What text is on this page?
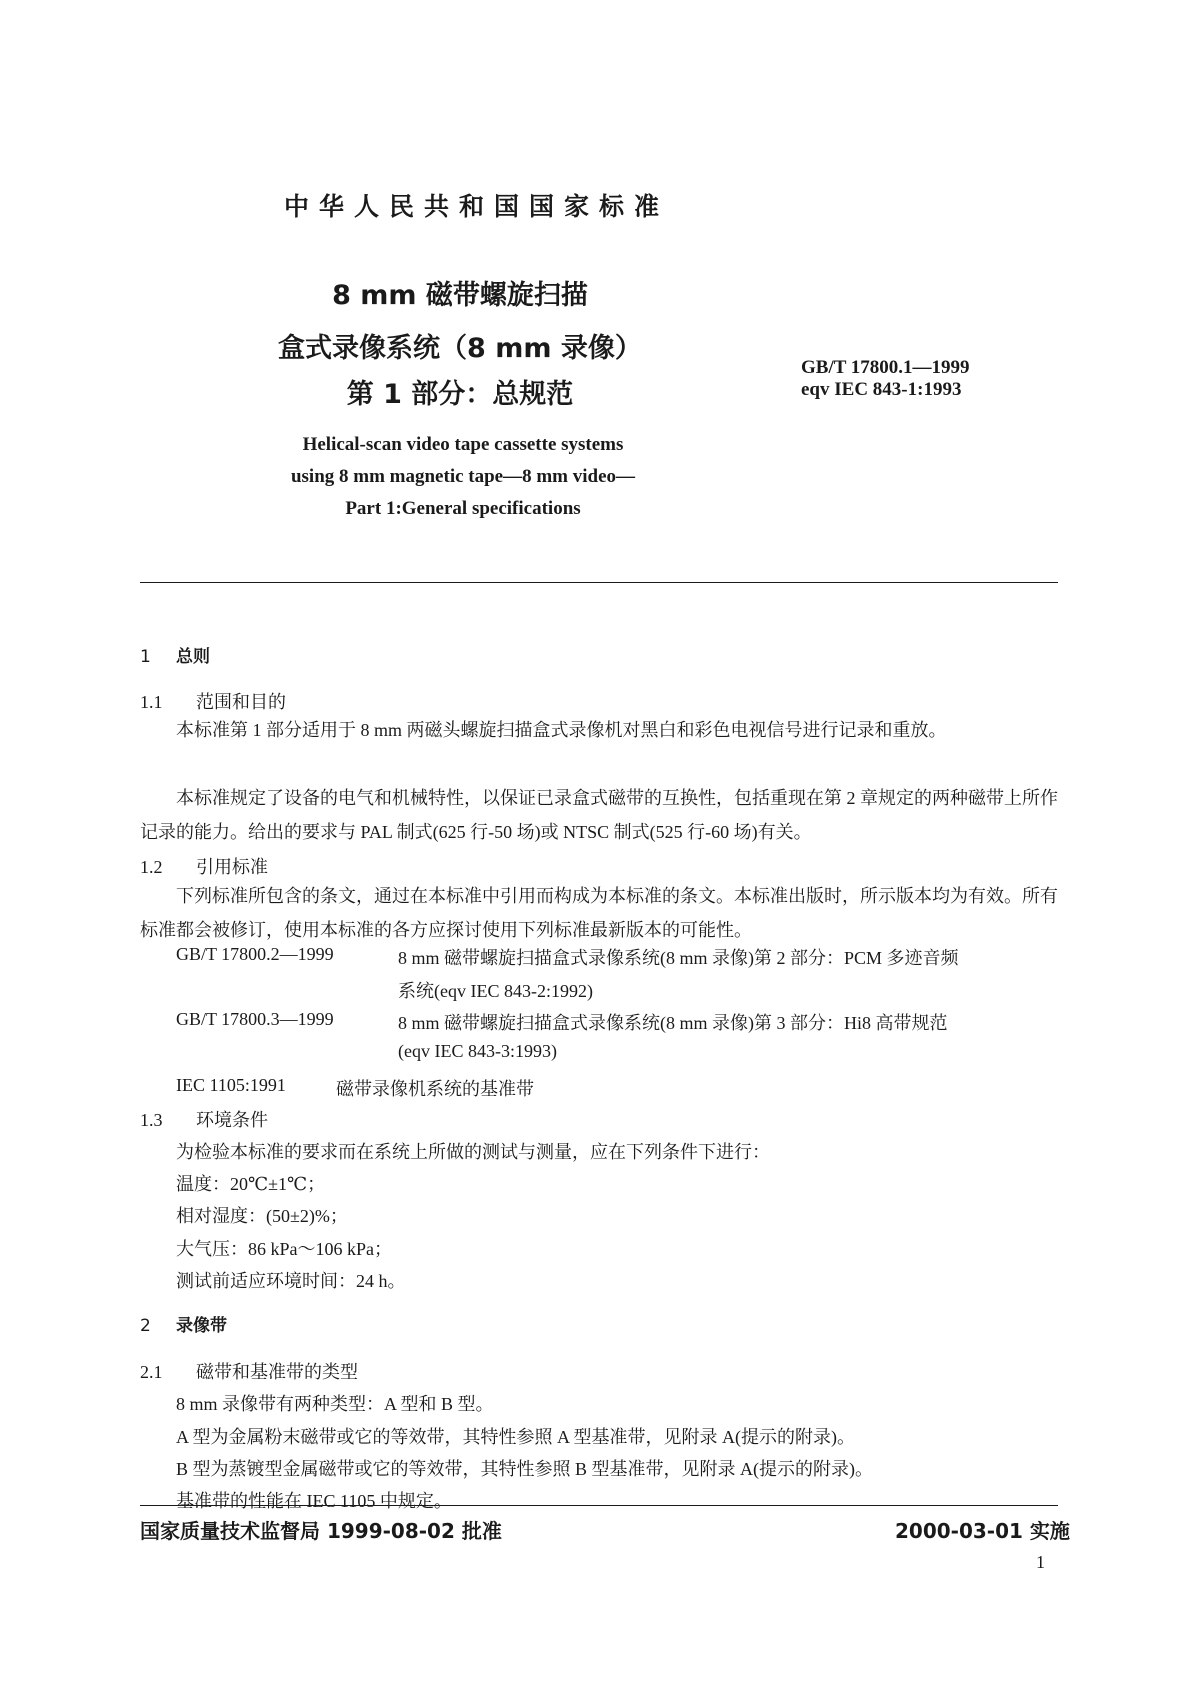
中华人民共和国国家标准
8 mm 磁带螺旋扫描
盒式录像系统（8 mm 录像）
第 1 部分：总规范
GB/T 17800.1—1999
eqv IEC 843-1:1993
Helical-scan video tape cassette systems
using 8 mm magnetic tape—8 mm video—
Part 1:General specifications
1 总则
1.1 范围和目的
本标准第 1 部分适用于 8 mm 两磁头螺旋扫描盒式录像机对黑白和彩色电视信号进行记录和重放。
本标准规定了设备的电气和机械特性，以保证已录盒式磁带的互换性，包括重现在第 2 章规定的两种磁带上所作记录的能力。给出的要求与 PAL 制式(625 行-50 场)或 NTSC 制式(525 行-60 场)有关。
1.2 引用标准
下列标准所包含的条文，通过在本标准中引用而构成为本标准的条文。本标准出版时，所示版本均为有效。所有标准都会被修订，使用本标准的各方应探讨使用下列标准最新版本的可能性。
GB/T 17800.2—1999	8 mm 磁带螺旋扫描盒式录像系统(8 mm 录像)第 2 部分：PCM 多迹音频
系统(eqv IEC 843-2:1992)
GB/T 17800.3—1999	8 mm 磁带螺旋扫描盒式录像系统(8 mm 录像)第 3 部分：Hi8 高带规范
(eqv IEC 843-3:1993)
IEC 1105:1991	磁带录像机系统的基准带
1.3 环境条件
为检验本标准的要求而在系统上所做的测试与测量，应在下列条件下进行：
温度：20℃±1℃；
相对湿度：(50±2)%；
大气压：86 kPa～106 kPa；
测试前适应环境时间：24 h。
2 录像带
2.1 磁带和基准带的类型
8 mm 录像带有两种类型：A 型和 B 型。
A 型为金属粉末磁带或它的等效带，其特性参照 A 型基准带，见附录 A(提示的附录)。
B 型为蒸镀型金属磁带或它的等效带，其特性参照 B 型基准带，见附录 A(提示的附录)。
基准带的性能在 IEC 1105 中规定。
国家质量技术监督局 1999-08-02 批准	2000-03-01 实施
1
